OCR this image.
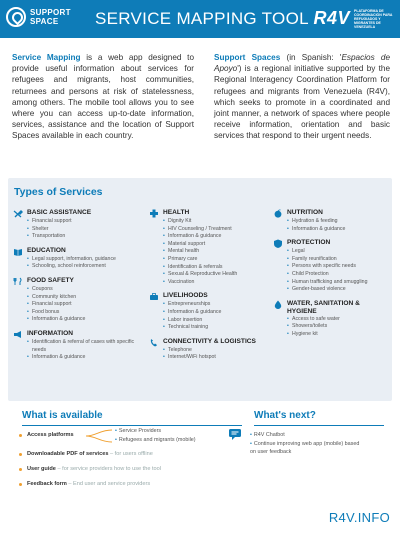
SUPPORT
SPACE	SERVICE MAPPING TOOL R4V PLATAFORMA DE COORDINACIÓN PARA REFUGIADOS Y MIGRANTES DE VENEZUELA

Service Mapping is a web app designed to provide useful information about services for refugees and migrants, host communities, returnees and persons at risk of statelessness, among others. The mobile tool allows you to see where you can access up-to-date information, services, assistance and the location of Support Spaces available in each country.

Support Spaces (in Spanish: 'Espacios de Apoyo') is a regional initiative supported by the Regional Interagency Coordination Platform for refugees and migrants from Venezuela (R4V), which seeks to promote in a coordinated and joint manner, a network of spaces where people receive information, orientation and basic services that respond to their urgent needs.

Types of Services
BASIC ASSISTANCE
• Financial support
• Shelter
• Transportation
EDUCATION
• Legal support, information, guidance
• Schooling, school reinforcement
FOOD SAFETY
• Coupons
• Community kitchen
• Financial support
• Food bonus
• Information & guidance
INFORMATION
• Identification & referral of cases with specific needs
• Information & guidance
HEALTH
• Dignity Kit
• HIV Counseling / Treatment
• Information & guidance
• Material support
• Mental health
• Primary care
• Identification & referrals
• Sexual & Reproductive Health
• Vaccination
LIVELIHOODS
• Entrepreneurships
• Information & guidance
• Labor insertion
• Technical training
CONNECTIVITY & LOGISTICS
• Telephone
• Internet/WiFi hotspot
NUTRITION
• Hydration & feeding
• Information & guidance
PROTECTION
• Legal
• Family reunification
• Persons with specific needs
• Child Protection
• Human trafficking and smuggling
• Gender-based violence
WATER, SANITATION & HYGIENE
• Access to safe water
• Showers/toilets
• Hygiene kit
What is available
Access platforms
• Service Providers
• Refugees and migrants (mobile)
Downloadable PDF of services – for users offline
User guide – for service providers how to use the tool
Feedback form – End user and service providers
What's next?
• R4V Chatbot
• Continue improving web app (mobile) based on user feedback
R4V.INFO
